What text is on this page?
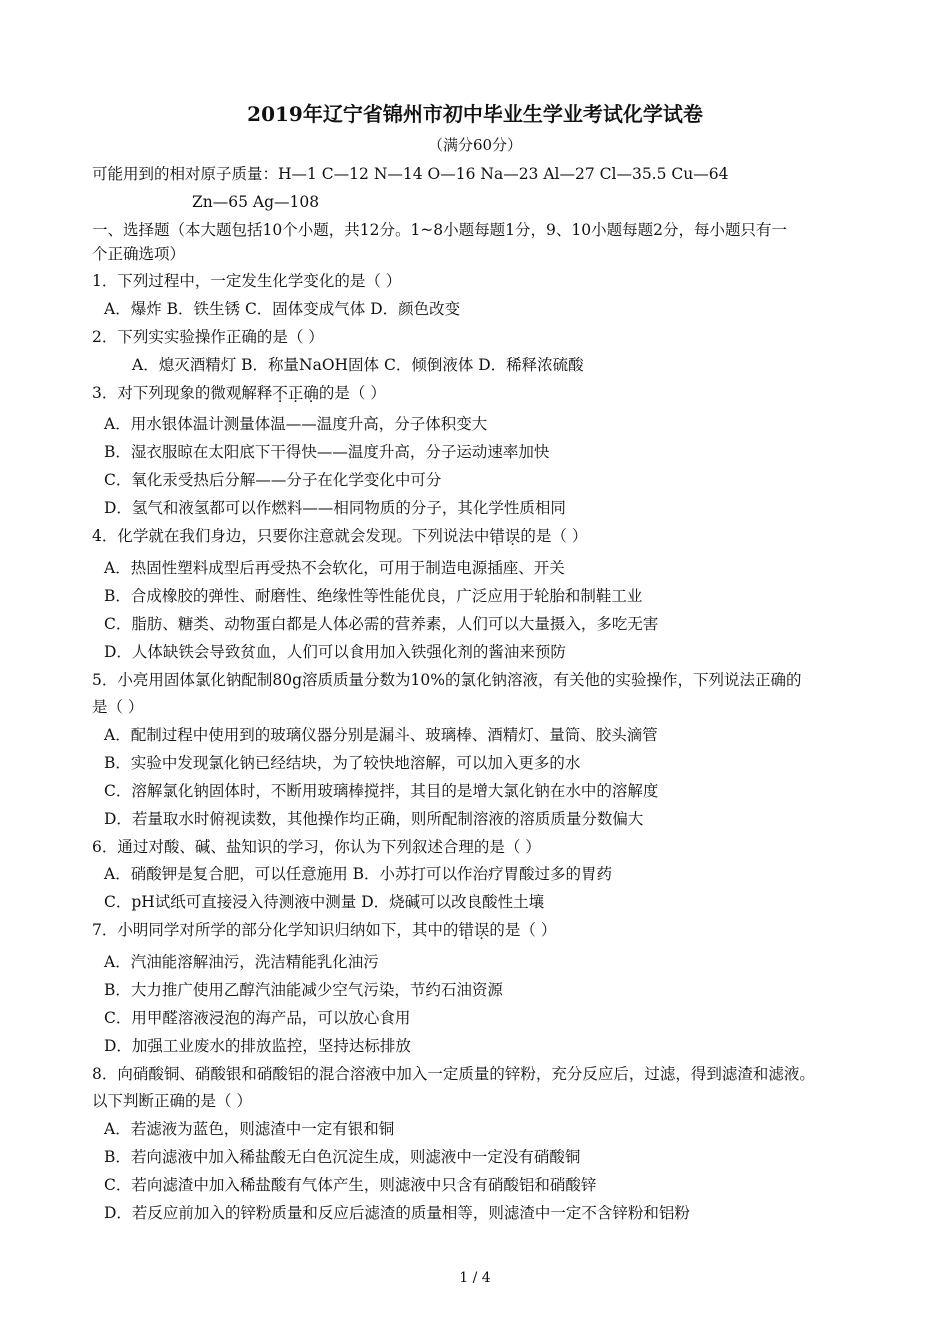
2019年辽宁省锦州市初中毕业生学业考试化学试卷
（满分60分）
可能用到的相对原子质量：H—1 C—12 N—14 O—16 Na—23 Al—27 Cl—35.5 Cu—64
Zn—65 Ag—108
一、选择题（本大题包括10个小题，共12分。1~8小题每题1分，9、10小题每题2分，每小题只有一
个正确选项）
1．下列过程中，一定发生化学变化的是（ ）
A．爆炸 B．铁生锈 C．固体变成气体 D．颜色改变
2．下列实实验操作正确的是（ ）
A．熄灭酒精灯 B．称量NaOH固体 C．倾倒液体 D．稀释浓硫酸
3．对下列现象的微观解释不正确的是（ ）
A．用水银体温计测量体温——温度升高，分子体积变大
B．湿衣服晾在太阳底下干得快——温度升高，分子运动速率加快
C．氧化汞受热后分解——分子在化学变化中可分
D．氢气和液氢都可以作燃料——相同物质的分子，其化学性质相同
4．化学就在我们身边，只要你注意就会发现。下列说法中错误的是（ ）
A．热固性塑料成型后再受热不会软化，可用于制造电源插座、开关
B．合成橡胶的弹性、耐磨性、绝缘性等性能优良，广泛应用于轮胎和制鞋工业
C．脂肪、糖类、动物蛋白都是人体必需的营养素，人们可以大量摄入，多吃无害
D．人体缺铁会导致贫血，人们可以食用加入铁强化剂的酱油来预防
5．小亮用固体氯化钠配制80g溶质质量分数为10%的氯化钠溶液，有关他的实验操作，下列说法正确的
是（ ）
A．配制过程中使用到的玻璃仪器分别是漏斗、玻璃棒、酒精灯、量筒、胶头滴管
B．实验中发现氯化钠已经结块，为了较快地溶解，可以加入更多的水
C．溶解氯化钠固体时，不断用玻璃棒搅拌，其目的是增大氯化钠在水中的溶解度
D．若量取水时俯视读数，其他操作均正确，则所配制溶液的溶质质量分数偏大
6．通过对酸、碱、盐知识的学习，你认为下列叙述合理的是（ ）
A．硝酸钾是复合肥，可以任意施用 B．小苏打可以作治疗胃酸过多的胃药
C．pH试纸可直接浸入待测液中测量 D．烧碱可以改良酸性土壤
7．小明同学对所学的部分化学知识归纳如下，其中的错误的是（ ）
A．汽油能溶解油污，洗洁精能乳化油污
B．大力推广使用乙醇汽油能减少空气污染，节约石油资源
C．用甲醛溶液浸泡的海产品，可以放心食用
D．加强工业废水的排放监控，坚持达标排放
8．向硝酸铜、硝酸银和硝酸铝的混合溶液中加入一定质量的锌粉，充分反应后，过滤，得到滤渣和滤液。
以下判断正确的是（ ）
A．若滤液为蓝色，则滤渣中一定有银和铜
B．若向滤液中加入稀盐酸无白色沉淀生成，则滤液中一定没有硝酸铜
C．若向滤渣中加入稀盐酸有气体产生，则滤液中只含有硝酸铝和硝酸锌
D．若反应前加入的锌粉质量和反应后滤渣的质量相等，则滤渣中一定不含锌粉和铝粉
1 / 4
